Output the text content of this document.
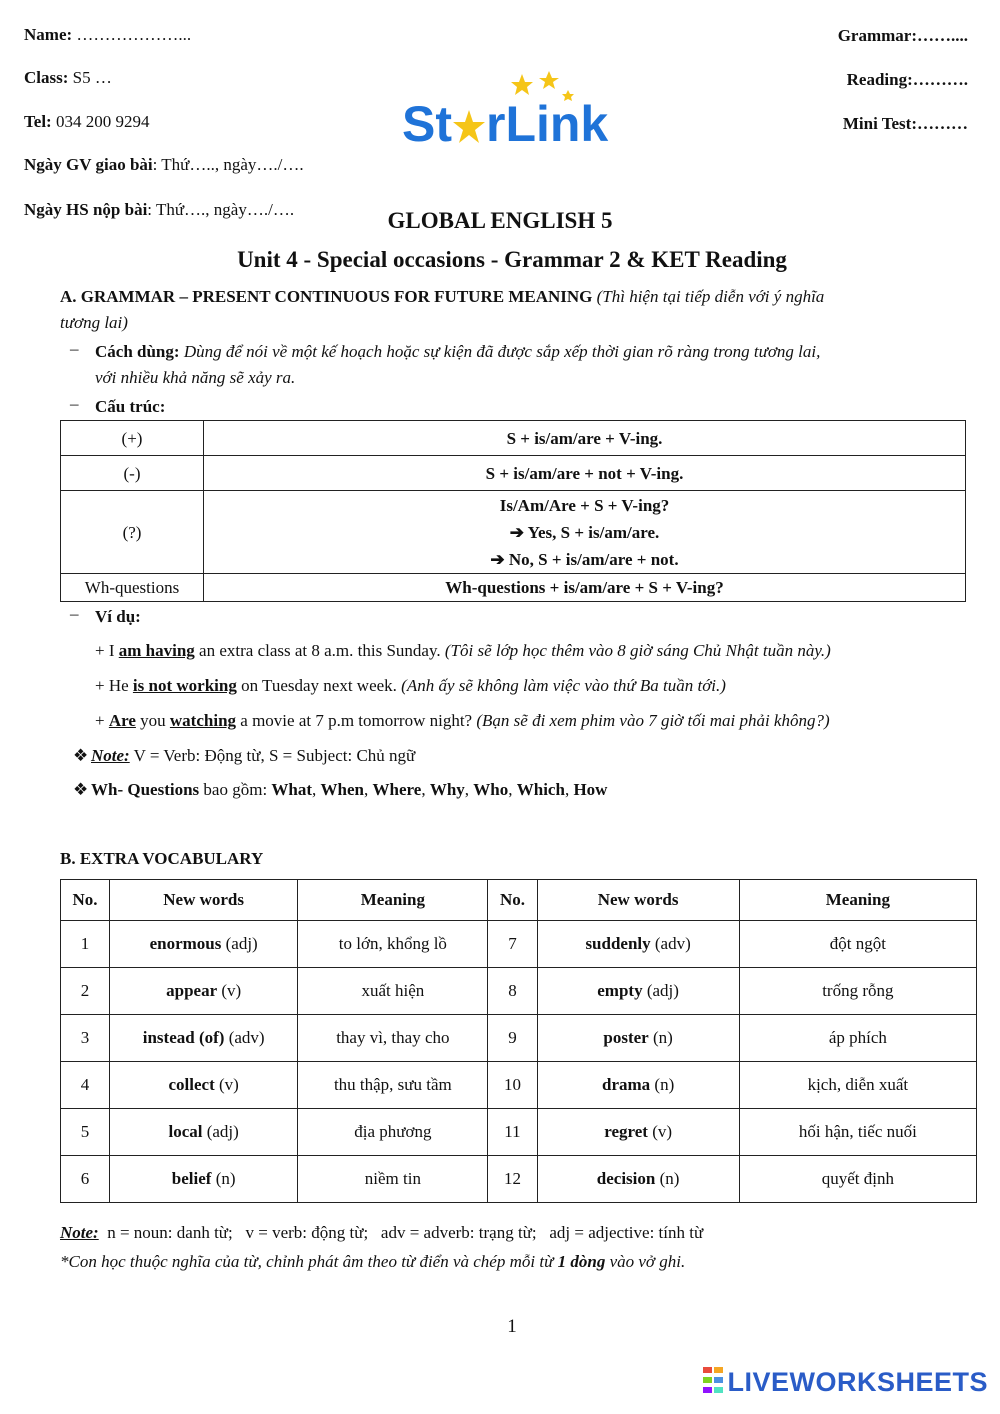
Name: ………………...
Class: S5 …
Tel: 034 200 9294
Ngày GV giao bài: Thứ….., ngày…./….
Ngày HS nộp bài: Thứ…., ngày…./….
Grammar:……....
Reading:……….
Mini Test:………
St rLink
GLOBAL ENGLISH 5
Unit 4 - Special occasions - Grammar 2 & KET Reading
A. GRAMMAR – PRESENT CONTINUOUS FOR FUTURE MEANING (Thì hiện tại tiếp diễn với ý nghĩa
tương lai)
– Cách dùng: Dùng để nói về một kế hoạch hoặc sự kiện đã được sắp xếp thời gian rõ ràng trong tương lai,
với nhiều khả năng sẽ xảy ra.
– Cấu trúc:
(+)	S + is/am/are + V-ing.
(-)	S + is/am/are + not + V-ing.
(?)	Is/Am/Are + S + V-ing?
➔ Yes, S + is/am/are.
➔ No, S + is/am/are + not.

Wh-questions	Wh-questions + is/am/are + S + V-ing?
– Ví dụ:
+ I am having an extra class at 8 a.m. this Sunday. (Tôi sẽ lớp học thêm vào 8 giờ sáng Chủ Nhật tuần này.)
+ He is not working on Tuesday next week. (Anh ấy sẽ không làm việc vào thứ Ba tuần tới.)
+ Are you watching a movie at 7 p.m tomorrow night? (Bạn sẽ đi xem phim vào 7 giờ tối mai phải không?)
❖ Note: V = Verb: Động từ, S = Subject: Chủ ngữ
❖ Wh- Questions bao gồm: What, When, Where, Why, Who, Which, How
B. EXTRA VOCABULARY
No.	New words	Meaning	No.	New words	Meaning
1	enormous (adj)	to lớn, khổng lồ	7	suddenly (adv)	đột ngột
2	appear (v)	xuất hiện	8	empty (adj)	trống rỗng
3	instead (of) (adv)	thay vì, thay cho	9	poster (n)	áp phích
4	collect (v)	thu thập, sưu tầm	10	drama (n)	kịch, diễn xuất
5	local (adj)	địa phương	11	regret (v)	hối hận, tiếc nuối
6	belief (n)	niềm tin	12	decision (n)	quyết định
Note:  n = noun: danh từ;   v = verb: động từ;   adv = adverb: trạng từ;   adj = adjective: tính từ
*Con học thuộc nghĩa của từ, chỉnh phát âm theo từ điển và chép mỗi từ 1 dòng vào vở ghi.
1
LIVEWORKSHEETS
